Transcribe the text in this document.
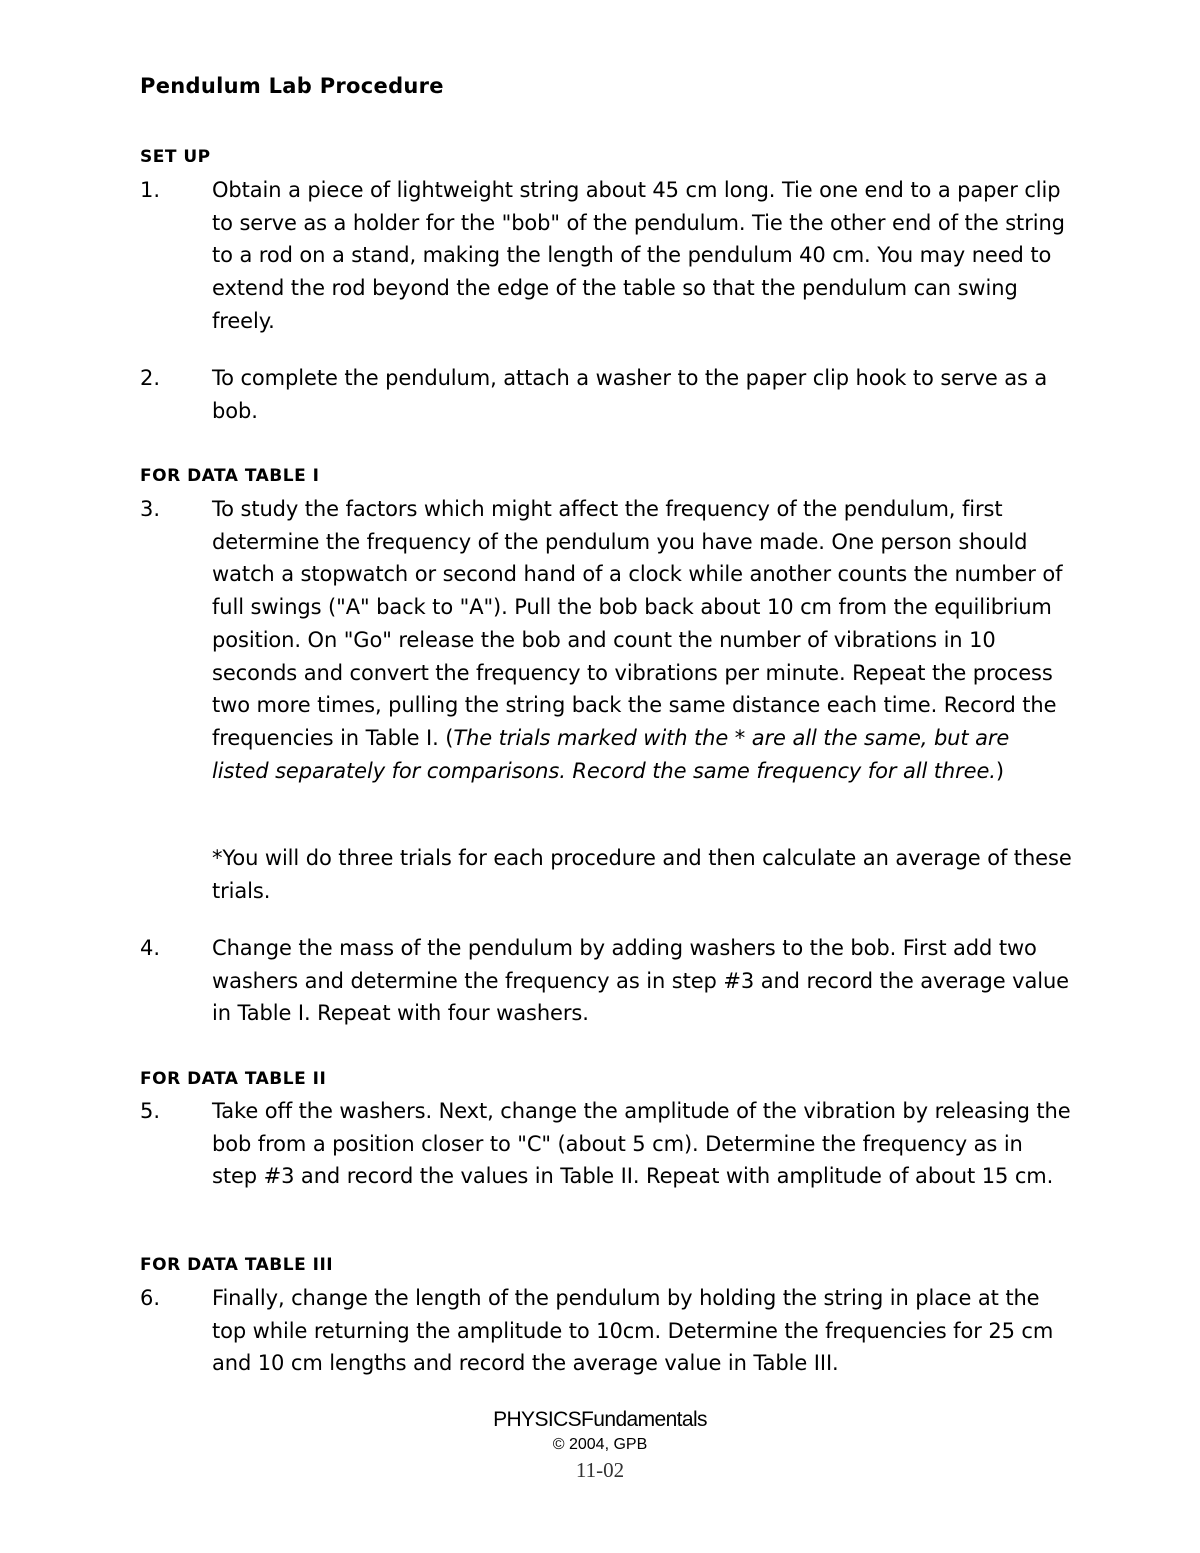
Pendulum Lab Procedure
SET UP
1. Obtain a piece of lightweight string about 45 cm long. Tie one end to a paper clip to serve as a holder for the "bob" of the pendulum. Tie the other end of the string to a rod on a stand, making the length of the pendulum 40 cm. You may need to extend the rod beyond the edge of the table so that the pendulum can swing freely.
2. To complete the pendulum, attach a washer to the paper clip hook to serve as a bob.
FOR DATA TABLE I
3. To study the factors which might affect the frequency of the pendulum, first determine the frequency of the pendulum you have made. One person should watch a stopwatch or second hand of a clock while another counts the number of full swings ("A" back to "A"). Pull the bob back about 10 cm from the equilibrium position. On "Go" release the bob and count the number of vibrations in 10 seconds and convert the frequency to vibrations per minute. Repeat the process two more times, pulling the string back the same distance each time. Record the frequencies in Table I. (The trials marked with the * are all the same, but are listed separately for comparisons. Record the same frequency for all three.)
*You will do three trials for each procedure and then calculate an average of these trials.
4. Change the mass of the pendulum by adding washers to the bob. First add two washers and determine the frequency as in step #3 and record the average value in Table I. Repeat with four washers.
FOR DATA TABLE II
5. Take off the washers. Next, change the amplitude of the vibration by releasing the bob from a position closer to "C" (about 5 cm). Determine the frequency as in step #3 and record the values in Table II. Repeat with amplitude of about 15 cm.
FOR DATA TABLE III
6. Finally, change the length of the pendulum by holding the string in place at the top while returning the amplitude to 10cm. Determine the frequencies for 25 cm and 10 cm lengths and record the average value in Table III.
PHYSICSFundamentals
© 2004, GPB
11-02
